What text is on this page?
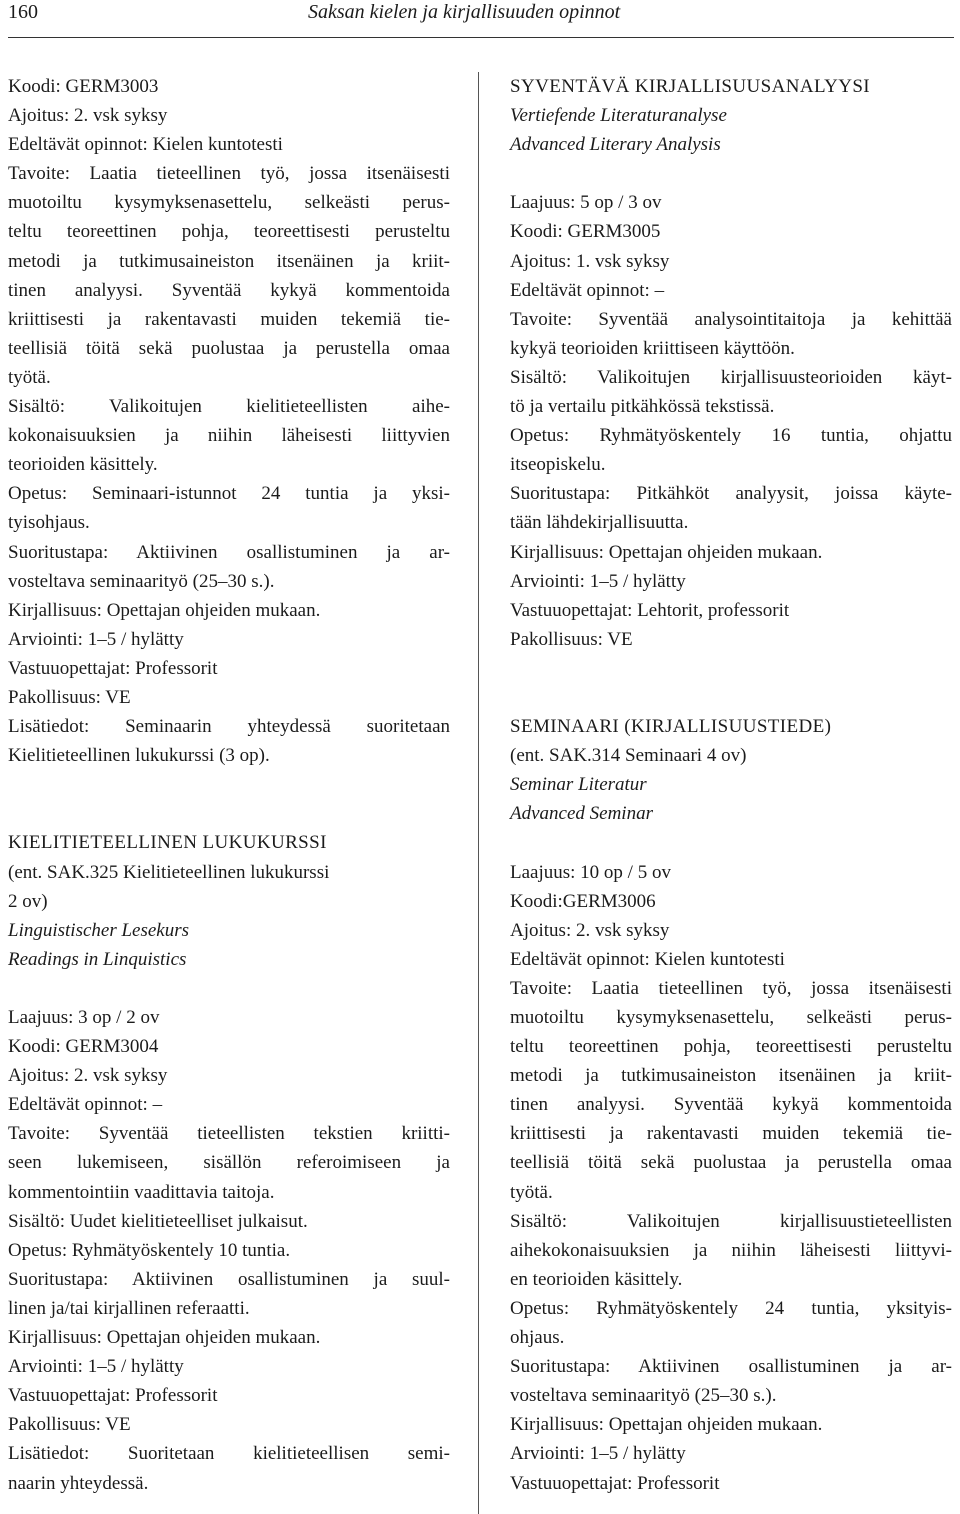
160	Saksan kielen ja kirjallisuuden opinnot
Koodi: GERM3003
Ajoitus: 2. vsk syksy
Edeltävät opinnot: Kielen kuntotesti
Tavoite: Laatia tieteellinen työ, jossa itsenäisesti
muotoiltu kysymyksenasettelu, selkeästi perus-
teltu teoreettinen pohja, teoreettisesti perusteltu
metodi ja tutkimusaineiston itsenäinen ja kriit-
tinen analyysi. Syventää kykyä kommentoida
kriittisesti ja rakentavasti muiden tekemiä tie-
teellisiä töitä sekä puolustaa ja perustella omaa
työtä.
Sisältö: Valikoitujen kielitieteellisten aihe-
kokonaisuuksien ja niihin läheisesti liittyvien
teorioiden käsittely.
Opetus: Seminaari-istunnot 24 tuntia ja yksi-
tyisohjaus.
Suoritustapa: Aktiivinen osallistuminen ja ar-
vosteltava seminaarityö (25–30 s.).
Kirjallisuus: Opettajan ohjeiden mukaan.
Arviointi: 1–5 / hylätty
Vastuuopettajat: Professorit
Pakollisuus: VE
Lisätiedot: Seminaarin yhteydessä suoritetaan
Kielitieteellinen lukukurssi (3 op).
KIELITIETEELLINEN LUKUKURSSI
(ent. SAK.325 Kielitieteellinen lukukurssi
2 ov)
Linguistischer Lesekurs
Readings in Linquistics
Laajuus: 3 op / 2 ov
Koodi: GERM3004
Ajoitus: 2. vsk syksy
Edeltävät opinnot: –
Tavoite: Syventää tieteellisten tekstien kriitti-
seen lukemiseen, sisällön referoimiseen ja
kommentointiin vaadittavia taitoja.
Sisältö: Uudet kielitieteelliset julkaisut.
Opetus: Ryhmätyöskentely 10 tuntia.
Suoritustapa: Aktiivinen osallistuminen ja suul-
linen ja/tai kirjallinen referaatti.
Kirjallisuus: Opettajan ohjeiden mukaan.
Arviointi: 1–5 / hylätty
Vastuuopettajat: Professorit
Pakollisuus: VE
Lisätiedot: Suoritetaan kielitieteellisen semi-
naarin yhteydessä.
SYVENTÄVÄ KIRJALLISUUSANALYYSI
Vertiefende Literaturanalyse
Advanced Literary Analysis
Laajuus: 5 op / 3 ov
Koodi: GERM3005
Ajoitus: 1. vsk syksy
Edeltävät opinnot: –
Tavoite: Syventää analysointitaitoja ja kehittää
kykyä teorioiden kriittiseen käyttöön.
Sisältö: Valikoitujen kirjallisuusteorioiden käyt-
tö ja vertailu pitkähkössä tekstissä.
Opetus: Ryhmätyöskentely 16 tuntia, ohjattu
itseopiskelu.
Suoritustapa: Pitkähköt analyysit, joissa käyte-
tään lähdekirjallisuutta.
Kirjallisuus: Opettajan ohjeiden mukaan.
Arviointi: 1–5 / hylätty
Vastuuopettajat: Lehtorit, professorit
Pakollisuus: VE
SEMINAARI (KIRJALLISUUSTIEDE)
(ent. SAK.314 Seminaari 4 ov)
Seminar Literatur
Advanced Seminar
Laajuus: 10 op / 5 ov
Koodi:GERM3006
Ajoitus: 2. vsk syksy
Edeltävät opinnot: Kielen kuntotesti
Tavoite: Laatia tieteellinen työ, jossa itsenäisesti
muotoiltu kysymyksenasettelu, selkeästi perus-
teltu teoreettinen pohja, teoreettisesti perusteltu
metodi ja tutkimusaineiston itsenäinen ja kriit-
tinen analyysi. Syventää kykyä kommentoida
kriittisesti ja rakentavasti muiden tekemiä tie-
teellisiä töitä sekä puolustaa ja perustella omaa
työtä.
Sisältö: Valikoitujen kirjallisuustieteellisten
aihekokonaisuuksien ja niihin läheisesti liittyvi-
en teorioiden käsittely.
Opetus: Ryhmätyöskentely 24 tuntia, yksityis-
ohjaus.
Suoritustapa: Aktiivinen osallistuminen ja ar-
vosteltava seminaarityö (25–30 s.).
Kirjallisuus: Opettajan ohjeiden mukaan.
Arviointi: 1–5 / hylätty
Vastuuopettajat: Professorit
